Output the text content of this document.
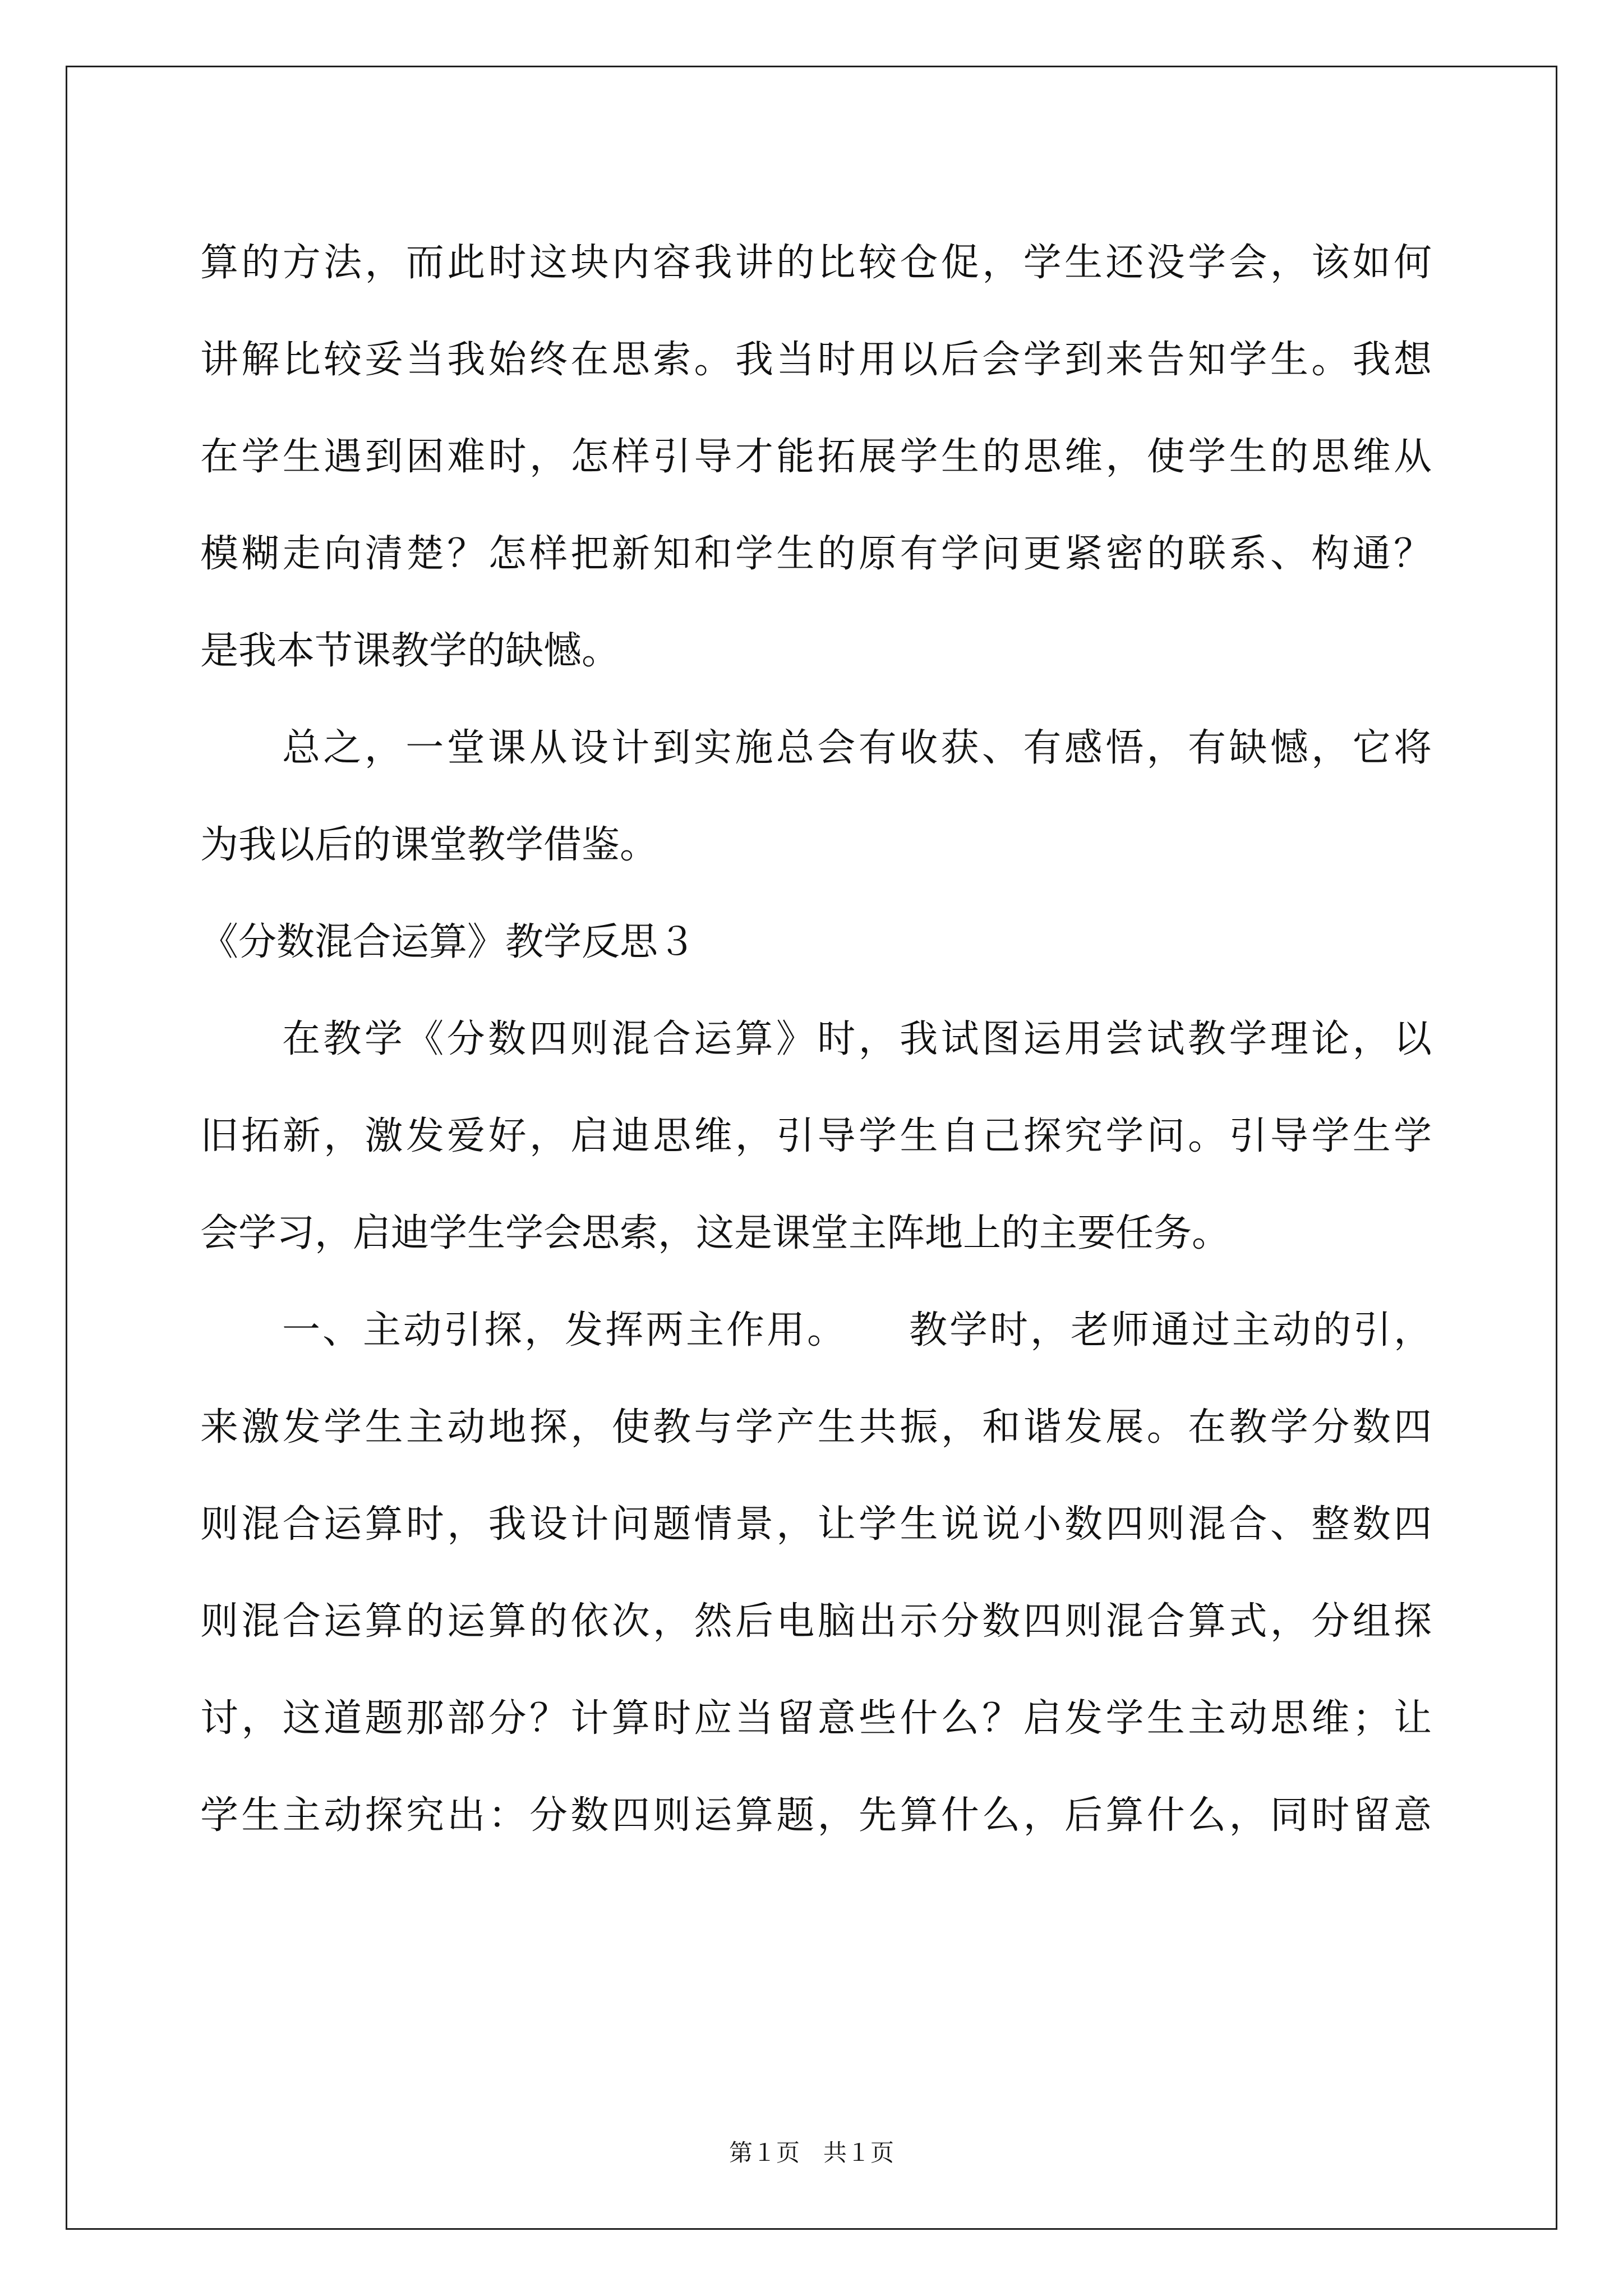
算的方法，而此时这块内容我讲的比较仓促，学生还没学会，该如何
讲解比较妥当我始终在思索。我当时用以后会学到来告知学生。我想
在学生遇到困难时，怎样引导才能拓展学生的思维，使学生的思维从
模糊走向清楚？怎样把新知和学生的原有学问更紧密的联系、构通？
是我本节课教学的缺憾。
总之，一堂课从设计到实施总会有收获、有感悟，有缺憾，它将
为我以后的课堂教学借鉴。
《分数混合运算》教学反思３
在教学《分数四则混合运算》时，我试图运用尝试教学理论，以
旧拓新，激发爱好，启迪思维，引导学生自己探究学问。引导学生学
会学习，启迪学生学会思索，这是课堂主阵地上的主要任务。
一、主动引探，发挥两主作用。　　教学时，老师通过主动的引，
来激发学生主动地探，使教与学产生共振，和谐发展。在教学分数四
则混合运算时，我设计问题情景，让学生说说小数四则混合、整数四
则混合运算的运算的依次，然后电脑出示分数四则混合算式，分组探
讨，这道题那部分？计算时应当留意些什么？启发学生主动思维；让
学生主动探究出：分数四则运算题，先算什么，后算什么，同时留意
第１页　共１页
